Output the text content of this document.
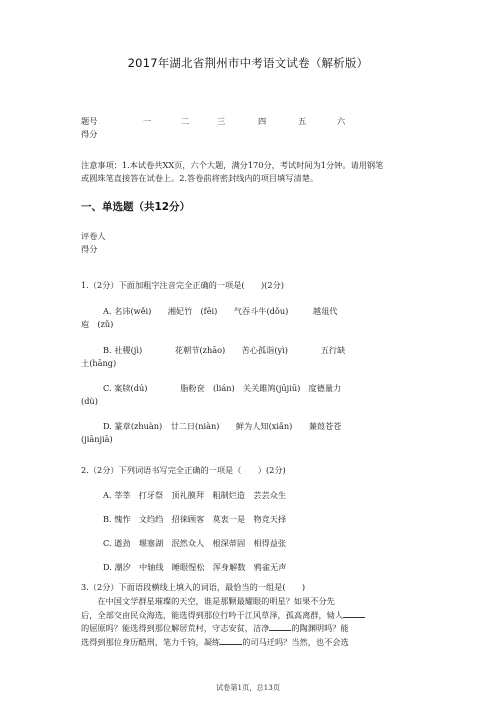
2017年湖北省荆州市中考语文试卷（解析版）
题号	一	二	三	四	五	六
得分
注意事项：1.本试卷共XX页，六个大题，满分170分，考试时间为1分钟。请用钢笔
或圆珠笔直接答在试卷上。2.答卷前将密封线内的项目填写清楚。
一、单选题（共12分）
评卷人
得分
1.（2分）下面加粗字注音完全正确的一项是(　　)(2分)
A. 名讳(wěi)　　湘妃竹　(fēi)　　气吞斗牛(dǒu)　　　越俎代
庖　(zǔ)
B. 社稷(jì)　　　　花朝节(zhāo)　　苦心孤诣(yì)　　　　五行缺
土(hāng)
C. 案牍(dú)　　　　脂粉奁　(lián)　关关雎鸠(jūjiū)　度德量力
(dù)
D. 篆章(zhuàn)　廿二日(niàn)　　鲜为人知(xiǎn)　　蒹葭苍苍
(jiānjiā)
2.（2分）下列词语书写完全正确的一项是（　　）(2分)
A. 莘莘　打牙祭　顶礼膜拜　粗制烂造　芸芸众生
B. 愧怍　文绉绉　招徕顾客　莫衷一是　物竞天择
C. 遒劲　堰塞湖　泯然众人　根深蒂固　相得益张
D. 潮汐　中轴线　睡眼惺松　浑身解数　鸦雀无声
3.（2分）下面语段横线上填入的词语，最恰当的一组是(　　)
　　在中国文学群星璀璨的天空，谁是那颗最耀眼的明星？如果不分先
后，全部交由民众海选，能选得到那位行吟于江风草泽，孤高离群，恸人
的屈原吗？能选得到那位解居荒村，守志安贫，洁净	的陶渊明吗？能
选得到那位身历酷刑，笔力千钧，凝练	的司马迁吗？当然，也不会选
试卷第1页，总13页
